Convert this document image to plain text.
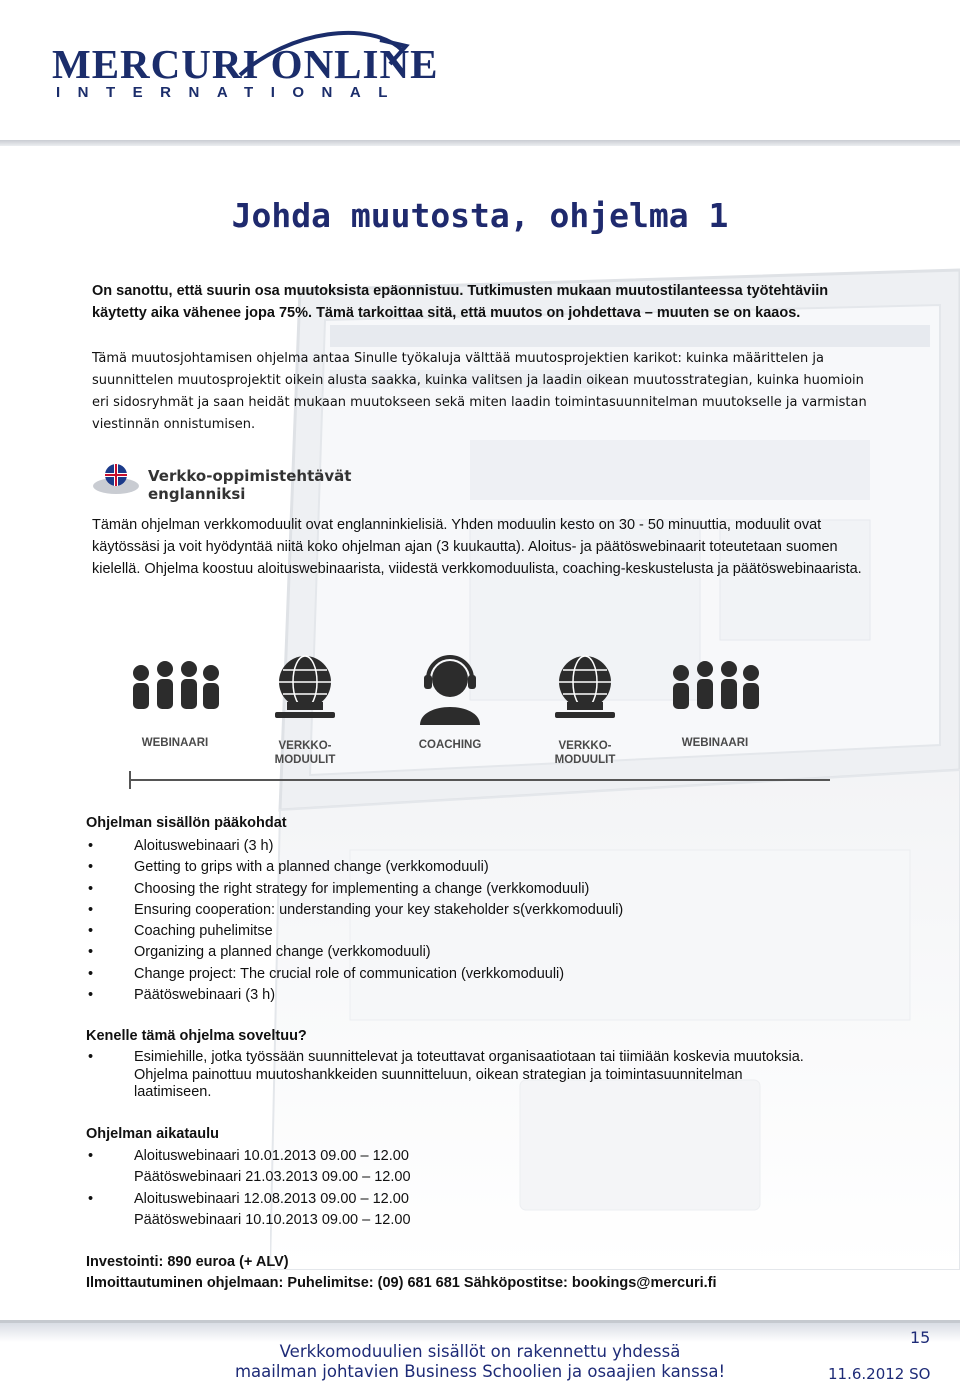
MERCURI ONLINE
INTERNATIONAL
Johda muutosta, ohjelma 1
On sanottu, että suurin osa muutoksista epäonnistuu. Tutkimusten mukaan muutostilanteessa työtehtäviin käytetty aika vähenee jopa 75%. Tämä tarkoittaa sitä, että muutos on johdettava – muuten se on kaaos.
Tämä muutosjohtamisen ohjelma antaa Sinulle työkaluja välttää muutosprojektien karikot: kuinka määrittelen ja suunnittelen muutosprojektit oikein alusta saakka, kuinka valitsen ja laadin oikean muutosstrategian, kuinka huomioin eri sidosryhmät ja saan heidät mukaan muutokseen sekä miten laadin toimintasuunnitelman muutokselle ja varmistan viestinnän onnistumisen.
Verkko-oppimistehtävät
englanniksi
Tämän ohjelman verkkomoduulit ovat englanninkielisiä. Yhden moduulin kesto on 30 - 50 minuuttia, moduulit ovat käytössäsi ja voit hyödyntää niitä koko ohjelman ajan (3 kuukautta). Aloitus- ja päätöswebinaarit toteutetaan suomen kielellä. Ohjelma koostuu aloituswebinaarista, viidestä verkkomoduulista, coaching-keskustelusta ja päätöswebinaarista.
WEBINAARI	VERKKO-
MODUULIT
COACHING	VERKKO-
MODUULIT
WEBINAARI
Ohjelman sisällön pääkohdat
•	Aloituswebinaari (3 h)
•	Getting to grips with a planned change (verkkomoduuli)
•	Choosing the right strategy for implementing a change (verkkomoduuli)
•	Ensuring cooperation: understanding your key stakeholder s(verkkomoduuli)
•	Coaching puhelimitse
•	Organizing a planned change (verkkomoduuli)
•	Change project: The crucial role of communication (verkkomoduuli)
•	Päätöswebinaari (3 h)
Kenelle tämä ohjelma soveltuu?
•	Esimiehille, jotka työssään suunnittelevat ja toteuttavat organisaatiotaan tai tiimiään koskevia muutoksia. Ohjelma painottuu muutoshankkeiden suunnitteluun, oikean strategian ja toimintasuunnitelman laatimiseen.
Ohjelman aikataulu
•	Aloituswebinaari 10.01.2013 09.00 – 12.00
Päätöswebinaari 21.03.2013 09.00 – 12.00
•	Aloituswebinaari 12.08.2013 09.00 – 12.00
Päätöswebinaari 10.10.2013 09.00 – 12.00
Investointi: 890 euroa (+ ALV)
Ilmoittautuminen ohjelmaan: Puhelimitse: (09) 681 681 Sähköpostitse: bookings@mercuri.fi
Verkkomoduulien sisällöt on rakennettu yhdessä
maailman johtavien Business Schoolien ja osaajien kanssa!
15
11.6.2012 SO
